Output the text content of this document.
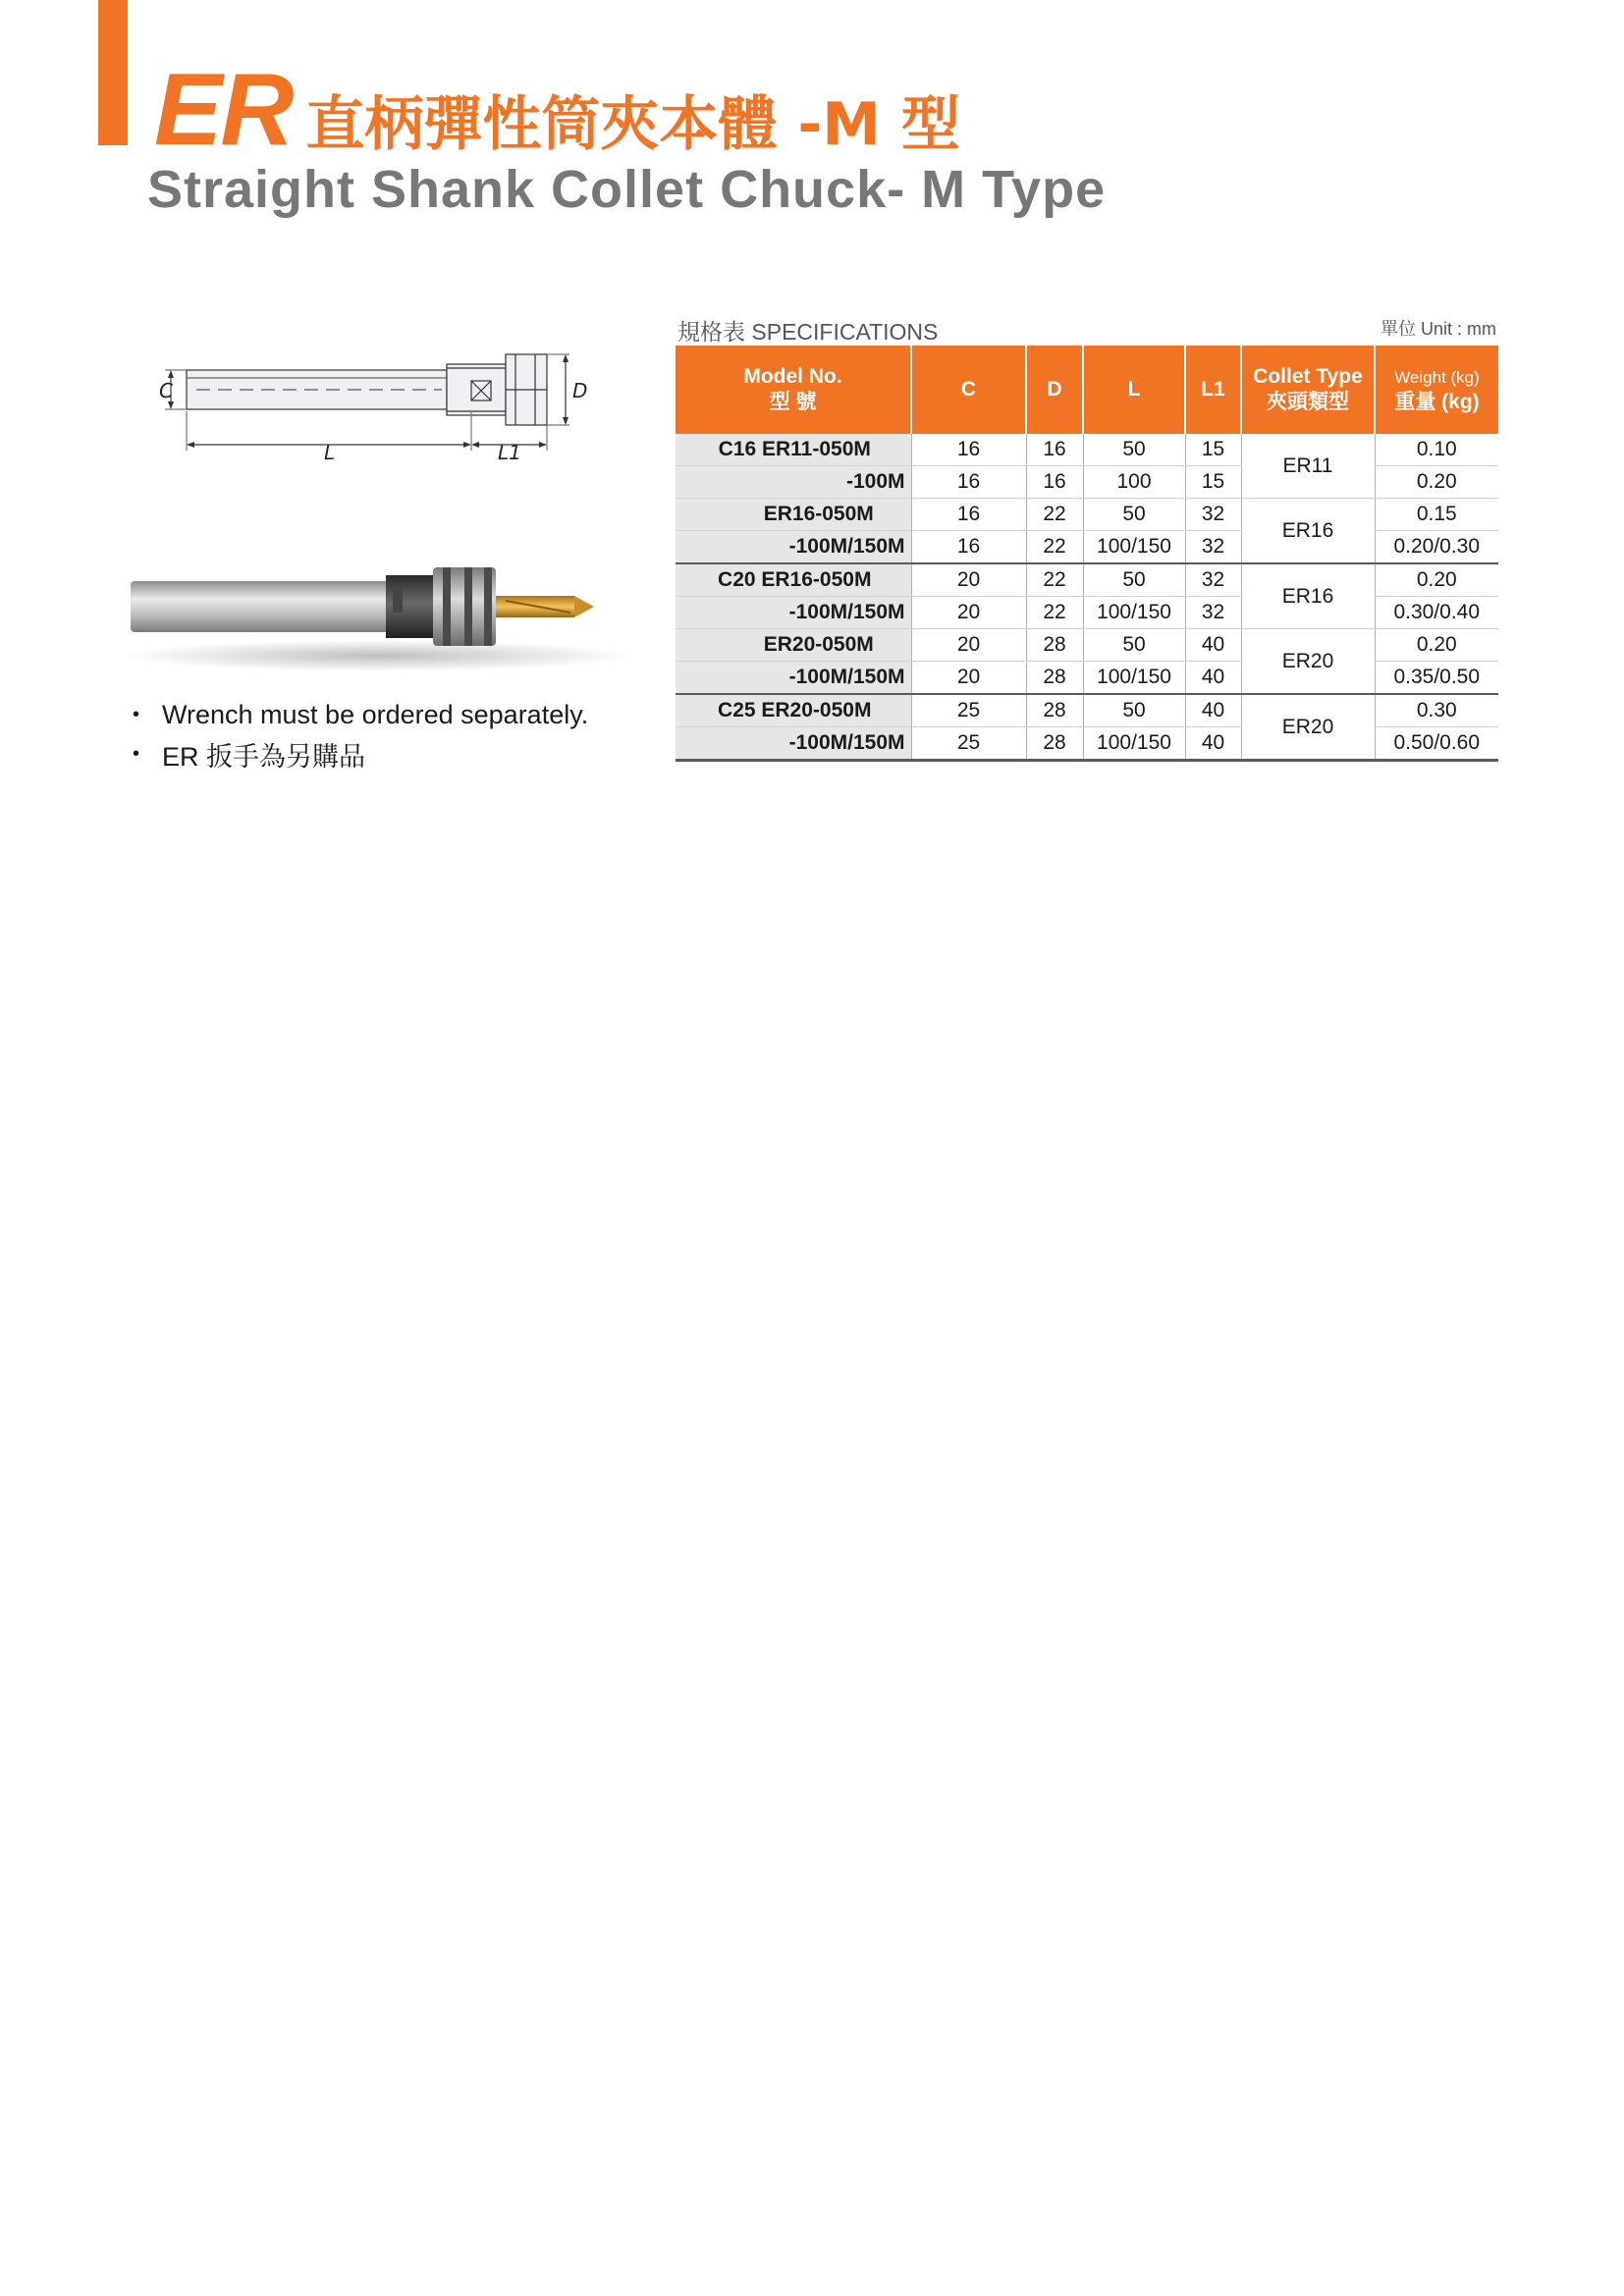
ER 直柄彈性筒夾本體 -M 型
Straight Shank Collet Chuck- M Type
C	D
L	L1
• Wrench must be ordered separately.
• ER 扳手為另購品
規格表 SPECIFICATIONS	單位 Unit : mm
Model No.
型 號	C	D	L	L1	Collet Type
夾頭類型	Weight (kg)
重量 (kg)
C16 ER11-050M	16	16	50	15	ER11	0.10
-100M	16	16	100	15		0.20
ER16-050M	16	22	50	32	ER16	0.15
-100M/150M	16	22	100/150	32		0.20/0.30
C20 ER16-050M	20	22	50	32	ER16	0.20
-100M/150M	20	22	100/150	32		0.30/0.40
ER20-050M	20	28	50	40	ER20	0.20
-100M/150M	20	28	100/150	40		0.35/0.50
C25 ER20-050M	25	28	50	40	ER20	0.30
-100M/150M	25	28	100/150	40		0.50/0.60
